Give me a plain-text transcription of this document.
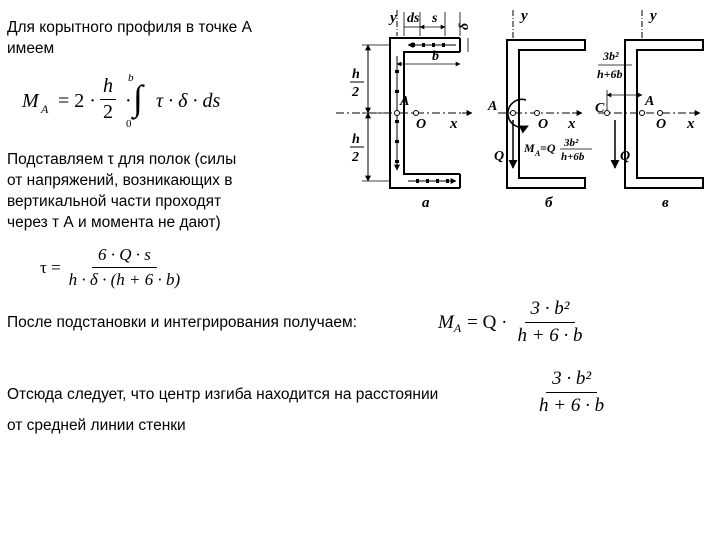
Для корытного профиля в точке А

имеем

M $A = 2 \cdot \frac{h}{2}$ · ∫
b
0
τ · δ · ds

Подставляем τ для полок (силы

от напряжений, возникающих в

вертикальной части проходят

через т А и момента не дают)

$\tau = \frac{6 \cdot Q \cdot s}{h \cdot \delta \cdot (h + 6 \cdot b)}$

После подстановки и интегрирования получаем:	M $A = Q \cdot \frac{\text{3 · b²}}{h + 6 \cdot b}$

Отсюда следует, что центр изгиба находится на расстоянии

от средней линии стенки

$\frac{\text{3 · b²}}{h + 6 \cdot b}$
y ds s
δ
b
h
2
h
2
A
O x
а
y
A
O x
Q
M A =Q 3b²
h+6b
б
y
3b²
h+6b
C	A
O x
Q
в
